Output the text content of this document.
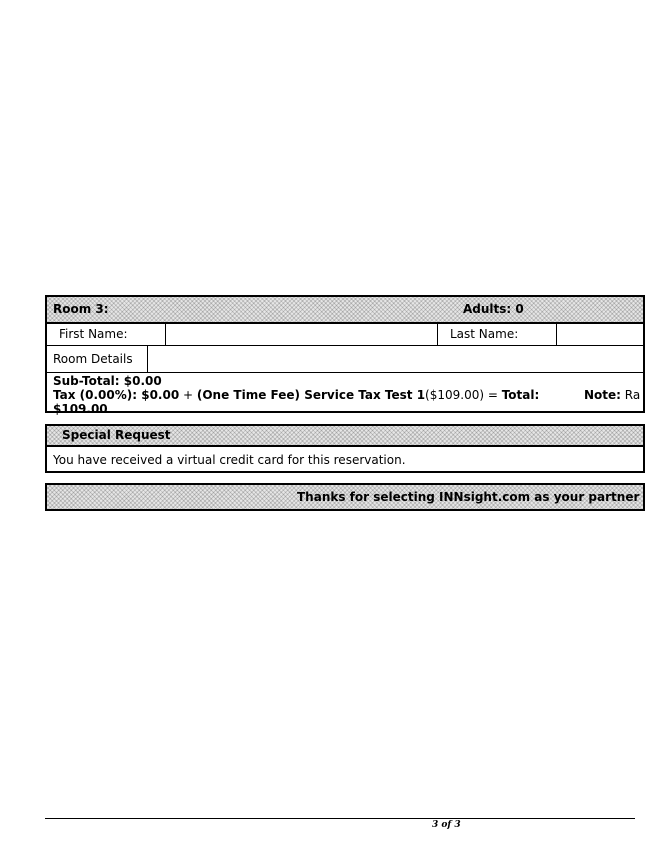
Room 3:	Adults: 0
First Name:	Last Name:
Room Details
Sub-Total: $0.00
Tax (0.00%): $0.00 + (One Time Fee) Service Tax Test 1($109.00) = Total:
$109.00
Note: Ra
Special Request
You have received a virtual credit card for this reservation.
Thanks for selecting INNsight.com as your partner
3 of 3
